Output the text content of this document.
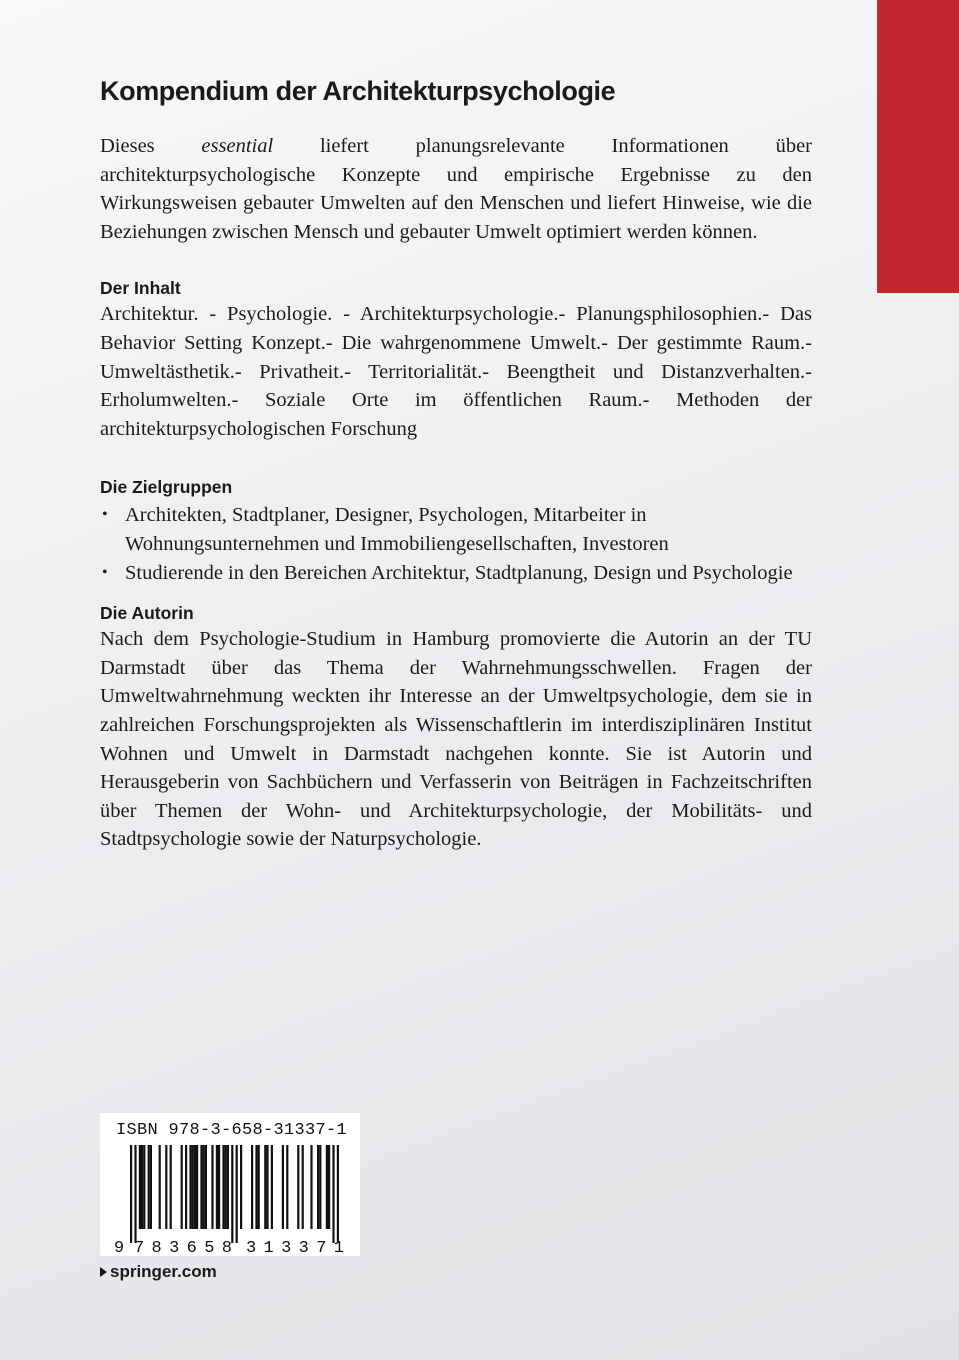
Kompendium der Architekturpsychologie

Dieses essential liefert planungsrelevante Informationen über architekturpsychologische Konzepte und empirische Ergebnisse zu den Wirkungsweisen gebauter Umwelten auf den Menschen und liefert Hinweise, wie die Beziehungen zwischen Mensch und gebauter Umwelt optimiert werden können.

Der Inhalt

Architektur. - Psychologie. - Architekturpsychologie.- Planungsphilosophien.- Das Behavior Setting Konzept.- Die wahrgenommene Umwelt.- Der gestimmte Raum.- Umweltästhetik.- Privatheit.- Territorialität.- Beengtheit und Distanzverhalten.- Erholumwelten.- Soziale Orte im öffentlichen Raum.- Methoden der architekturpsychologischen Forschung

Die Zielgruppen
• Architekten, Stadtplaner, Designer, Psychologen, Mitarbeiter in Wohnungsunternehmen und Immobiliengesellschaften, Investoren
• Studierende in den Bereichen Architektur, Stadtplanung, Design und Psychologie
Die Autorin

Nach dem Psychologie-Studium in Hamburg promovierte die Autorin an der TU Darmstadt über das Thema der Wahrnehmungsschwellen. Fragen der Umweltwahrnehmung weckten ihr Interesse an der Umweltpsychologie, dem sie in zahlreichen Forschungsprojekten als Wissenschaftlerin im interdisziplinären Institut Wohnen und Umwelt in Darmstadt nachgehen konnte. Sie ist Autorin und Herausgeberin von Sachbüchern und Verfasserin von Beiträgen in Fachzeitschriften über Themen der Wohn- und Architekturpsychologie, der Mobilitäts- und Stadtpsychologie sowie der Naturpsychologie.

ISBN 978-3-658-31337-1
9 783658 313371
springer.com
